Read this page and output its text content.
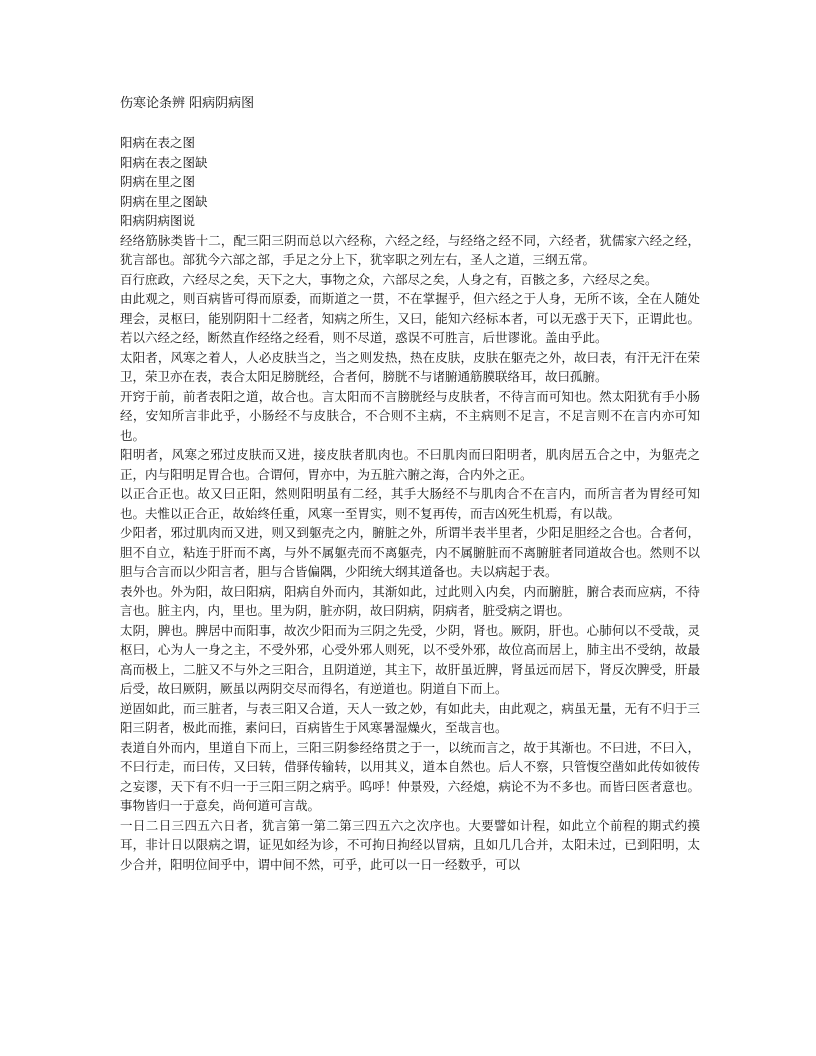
伤寒论条辨 阳病阴病图
阳病在表之图
阳病在表之图缺
阴病在里之图
阴病在里之图缺
阳病阴病图说

经络筋脉类皆十二，配三阳三阴而总以六经称，六经之经，与经络之经不同，六经者，犹儒家六经之经，犹言部也。部犹今六部之部，手足之分上下，犹宰职之列左右，圣人之道，三纲五常。

百行庶政，六经尽之矣，天下之大，事物之众，六部尽之矣，人身之有，百骸之多，六经尽之矣。

由此观之，则百病皆可得而原委，而斯道之一贯，不在掌握乎，但六经之于人身，无所不该，全在人随处理会，灵枢曰，能别阴阳十二经者，知病之所生，又曰，能知六经标本者，可以无惑于天下，正谓此也。若以六经之经，断然直作经络之经看，则不尽道，惑误不可胜言，后世谬讹。盖由乎此。

太阳者，风寒之着人，人必皮肤当之，当之则发热，热在皮肤，皮肤在躯壳之外，故曰表，有汗无汗在荣卫，荣卫亦在表，表合太阳足膀胱经，合者何，膀胱不与诸腑通筋膜联络耳，故曰孤腑。

开窍于前，前者表阳之道，故合也。言太阳而不言膀胱经与皮肤者，不待言而可知也。然太阳犹有手小肠经，安知所言非此乎，小肠经不与皮肤合，不合则不主病，不主病则不足言，不足言则不在言内亦可知也。

阳明者，风寒之邪过皮肤而又进，接皮肤者肌肉也。不曰肌肉而曰阳明者，肌肉居五合之中，为躯壳之正，内与阳明足胃合也。合谓何，胃亦中，为五脏六腑之海，合内外之正。

以正合正也。故又曰正阳，然则阳明虽有二经，其手大肠经不与肌肉合不在言内，而所言者为胃经可知也。夫惟以正合正，故始终任重，风寒一至胃实，则不复再传，而吉凶死生机焉，有以哉。

少阳者，邪过肌肉而又进，则又到躯壳之内，腑脏之外，所谓半表半里者，少阳足胆经之合也。合者何，胆不自立，粘连于肝而不离，与外不属躯壳而不离躯壳，内不属腑脏而不离腑脏者同道故合也。然则不以胆与合言而以少阳言者，胆与合皆偏隅，少阳统大纲其道备也。夫以病起于表。

表外也。外为阳，故曰阳病，阳病自外而内，其渐如此，过此则入内矣，内而腑脏，腑合表而应病，不待言也。脏主内，内，里也。里为阴，脏亦阴，故曰阴病，阴病者，脏受病之谓也。

太阴，脾也。脾居中而阳事，故次少阳而为三阴之先受，少阴，肾也。厥阴，肝也。心肺何以不受哉，灵枢曰，心为人一身之主，不受外邪，心受外邪人则死，以不受外邪，故位高而居上，肺主出不受纳，故最高而极上，二脏又不与外之三阳合，且阴道逆，其主下，故肝虽近脾，肾虽远而居下，肾反次脾受，肝最后受，故曰厥阴，厥虽以两阴交尽而得名，有逆道也。阴道自下而上。

逆固如此，而三脏者，与表三阳又合道，天人一致之妙，有如此夫，由此观之，病虽无量，无有不归于三阳三阴者，极此而推，素问曰，百病皆生于风寒暑湿燥火，至哉言也。

表道自外而内，里道自下而上，三阳三阴参经络贯之于一，以统而言之，故于其渐也。不曰进，不曰入，不曰行走，而曰传，又曰转，借驿传输转，以用其义，道本自然也。后人不察，只管愎空凿如此传如彼传之妄谬，天下有不归一于三阳三阴之病乎。呜呼！仲景殁，六经熄，病论不为不多也。而皆曰医者意也。事物皆归一于意矣，尚何道可言哉。

一日二日三四五六日者，犹言第一第二第三四五六之次序也。大要譬如计程，如此立个前程的期式约摸耳，非计日以限病之谓，证见如经为诊，不可拘日拘经以冒病，且如几几合并，太阳未过，已到阳明，太少合并，阳明位间乎中，谓中间不然，可乎，此可以一日一经数乎，可以
